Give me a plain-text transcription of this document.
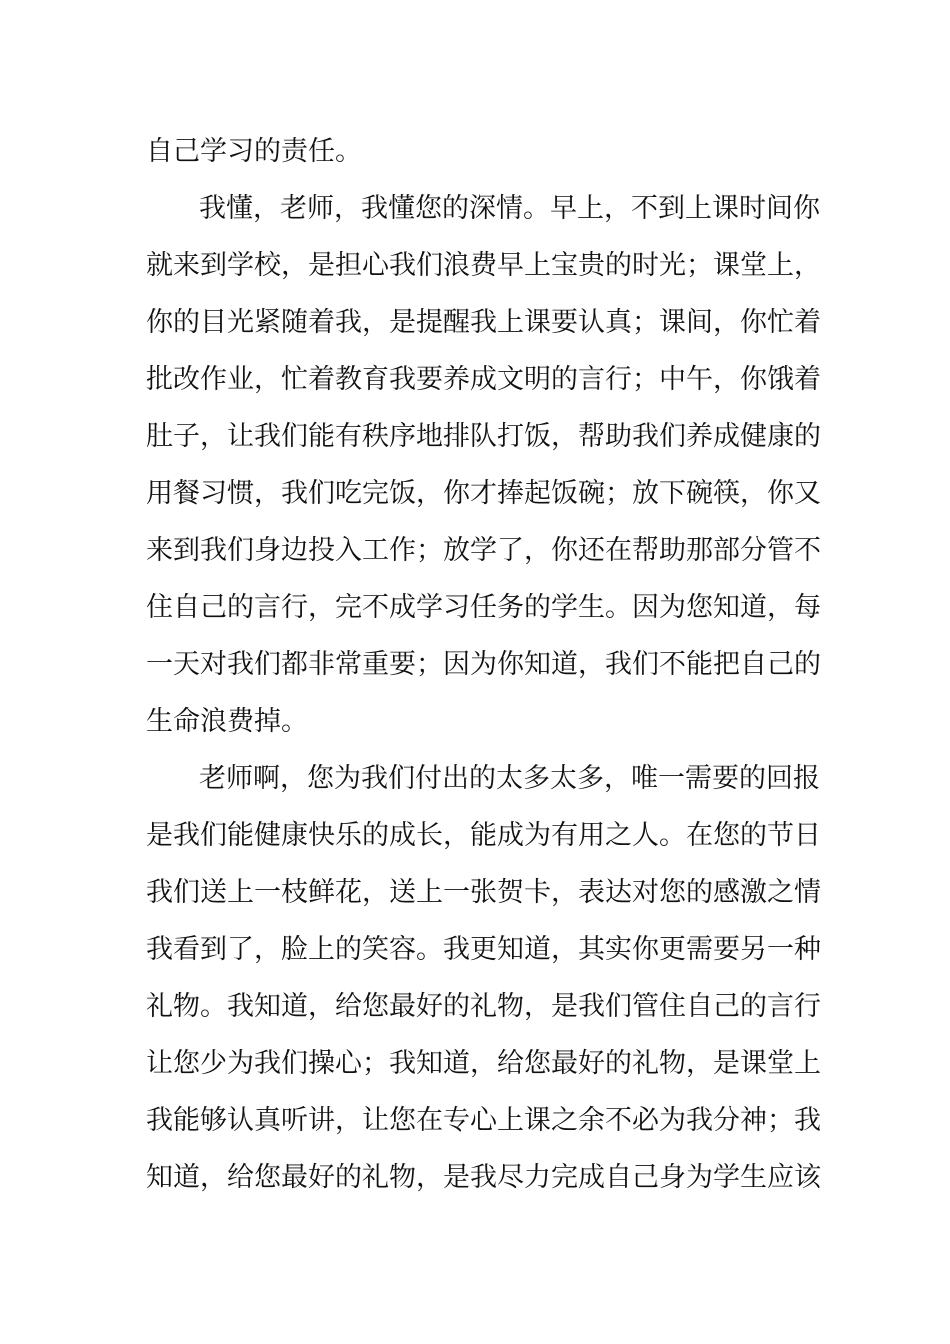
自己学习的责任。
我懂，老师，我懂您的深情。早上，不到上课时间你
就来到学校，是担心我们浪费早上宝贵的时光；课堂上，
你的目光紧随着我，是提醒我上课要认真；课间，你忙着
批改作业，忙着教育我要养成文明的言行；中午，你饿着
肚子，让我们能有秩序地排队打饭，帮助我们养成健康的
用餐习惯，我们吃完饭，你才捧起饭碗；放下碗筷，你又
来到我们身边投入工作；放学了，你还在帮助那部分管不
住自己的言行，完不成学习任务的学生。因为您知道，每
一天对我们都非常重要；因为你知道，我们不能把自己的
生命浪费掉。
老师啊，您为我们付出的太多太多，唯一需要的回报
是我们能健康快乐的成长，能成为有用之人。在您的节日
我们送上一枝鲜花，送上一张贺卡，表达对您的感激之情
我看到了，脸上的笑容。我更知道，其实你更需要另一种
礼物。我知道，给您最好的礼物，是我们管住自己的言行
让您少为我们操心；我知道，给您最好的礼物，是课堂上
我能够认真听讲，让您在专心上课之余不必为我分神；我
知道，给您最好的礼物，是我尽力完成自己身为学生应该
